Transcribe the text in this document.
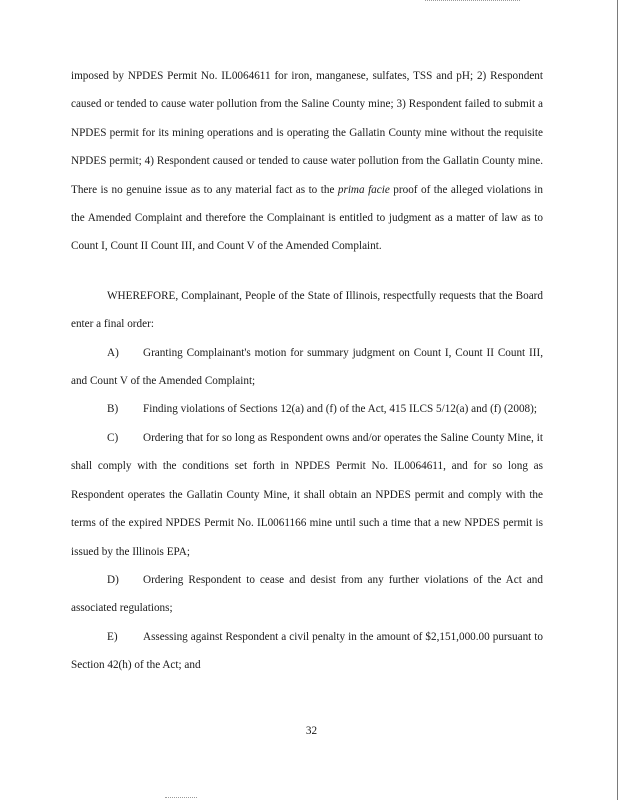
imposed by NPDES Permit No. IL0064611 for iron, manganese, sulfates, TSS and pH; 2) Respondent caused or tended to cause water pollution from the Saline County mine; 3) Respondent failed to submit a NPDES permit for its mining operations and is operating the Gallatin County mine without the requisite NPDES permit; 4) Respondent caused or tended to cause water pollution from the Gallatin County mine. There is no genuine issue as to any material fact as to the prima facie proof of the alleged violations in the Amended Complaint and therefore the Complainant is entitled to judgment as a matter of law as to Count I, Count II Count III, and Count V of the Amended Complaint.

WHEREFORE, Complainant, People of the State of Illinois, respectfully requests that the Board enter a final order:

A) Granting Complainant's motion for summary judgment on Count I, Count II Count III, and Count V of the Amended Complaint;

B) Finding violations of Sections 12(a) and (f) of the Act, 415 ILCS 5/12(a) and (f) (2008);

C) Ordering that for so long as Respondent owns and/or operates the Saline County Mine, it shall comply with the conditions set forth in NPDES Permit No. IL0064611, and for so long as Respondent operates the Gallatin County Mine, it shall obtain an NPDES permit and comply with the terms of the expired NPDES Permit No. IL0061166 mine until such a time that a new NPDES permit is issued by the Illinois EPA;

D) Ordering Respondent to cease and desist from any further violations of the Act and associated regulations;

E) Assessing against Respondent a civil penalty in the amount of $2,151,000.00 pursuant to Section 42(h) of the Act; and

32
